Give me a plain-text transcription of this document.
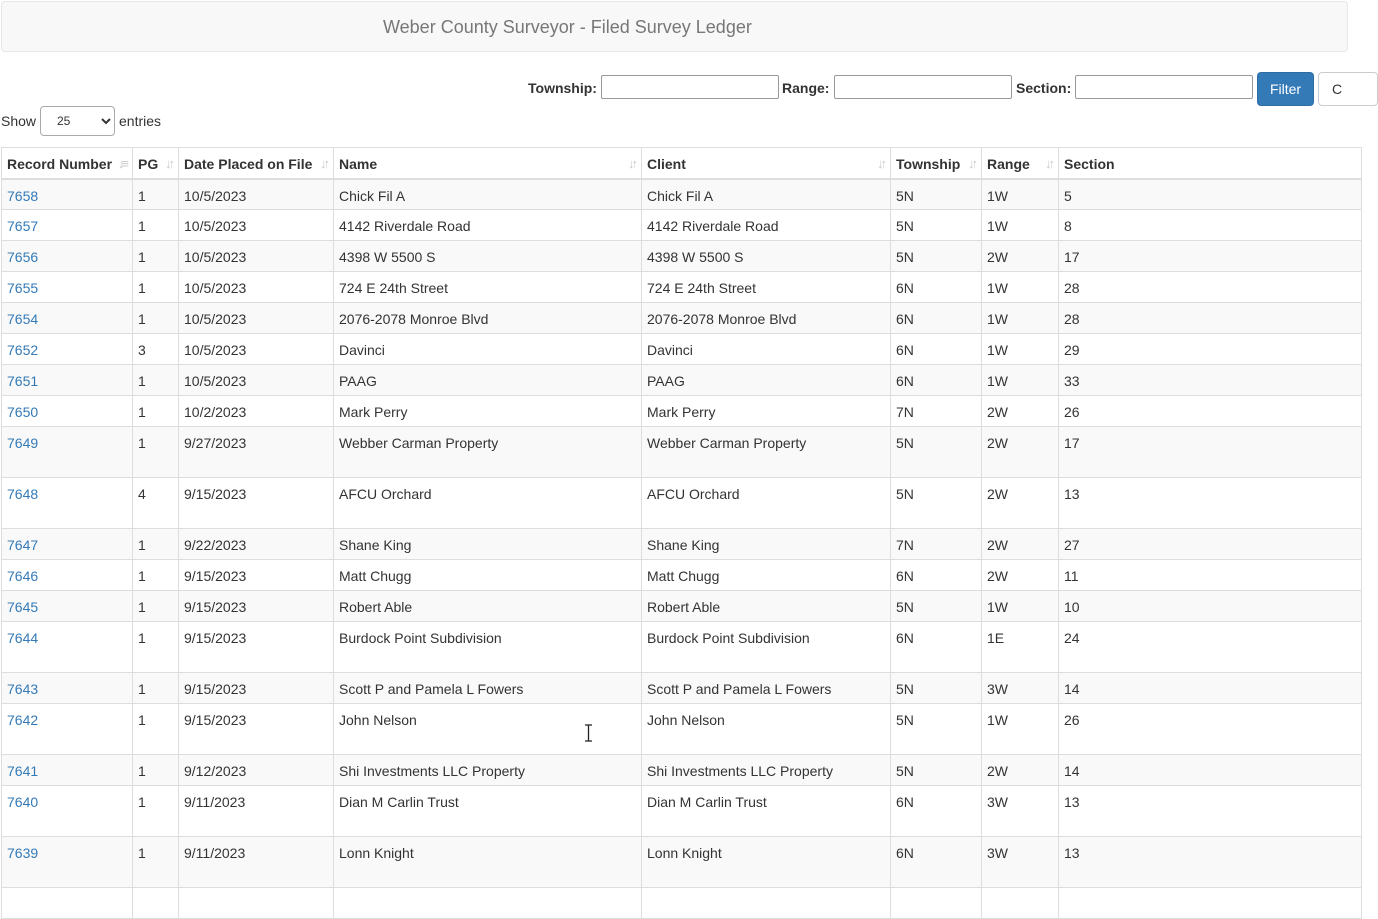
Weber County Surveyor - Filed Survey Ledger
Township:	Range:	Section:	Filter	C
Show
25	entries
Record Number ↓≡	PG ↓↑	Date Placed on File ↓↑	Name ↓↑	Client ↓↑	Township ↓↑	Range ↓↑	Section
7658	1	10/5/2023	Chick Fil A	Chick Fil A	5N	1W	5
7657	1	10/5/2023	4142 Riverdale Road	4142 Riverdale Road	5N	1W	8
7656	1	10/5/2023	4398 W 5500 S	4398 W 5500 S	5N	2W	17
7655	1	10/5/2023	724 E 24th Street	724 E 24th Street	6N	1W	28
7654	1	10/5/2023	2076-2078 Monroe Blvd	2076-2078 Monroe Blvd	6N	1W	28
7652	3	10/5/2023	Davinci	Davinci	6N	1W	29
7651	1	10/5/2023	PAAG	PAAG	6N	1W	33
7650	1	10/2/2023	Mark Perry	Mark Perry	7N	2W	26
7649	1	9/27/2023	Webber Carman Property	Webber Carman Property	5N	2W	17
7648	4	9/15/2023	AFCU Orchard	AFCU Orchard	5N	2W	13
7647	1	9/22/2023	Shane King	Shane King	7N	2W	27
7646	1	9/15/2023	Matt Chugg	Matt Chugg	6N	2W	11
7645	1	9/15/2023	Robert Able	Robert Able	5N	1W	10
7644	1	9/15/2023	Burdock Point Subdivision	Burdock Point Subdivision	6N	1E	24
7643	1	9/15/2023	Scott P and Pamela L Fowers	Scott P and Pamela L Fowers	5N	3W	14
7642	1	9/15/2023	John Nelson	John Nelson	5N	1W	26
7641	1	9/12/2023	Shi Investments LLC Property	Shi Investments LLC Property	5N	2W	14
7640	1	9/11/2023	Dian M Carlin Trust	Dian M Carlin Trust	6N	3W	13
7639	1	9/11/2023	Lonn Knight	Lonn Knight	6N	3W	13
